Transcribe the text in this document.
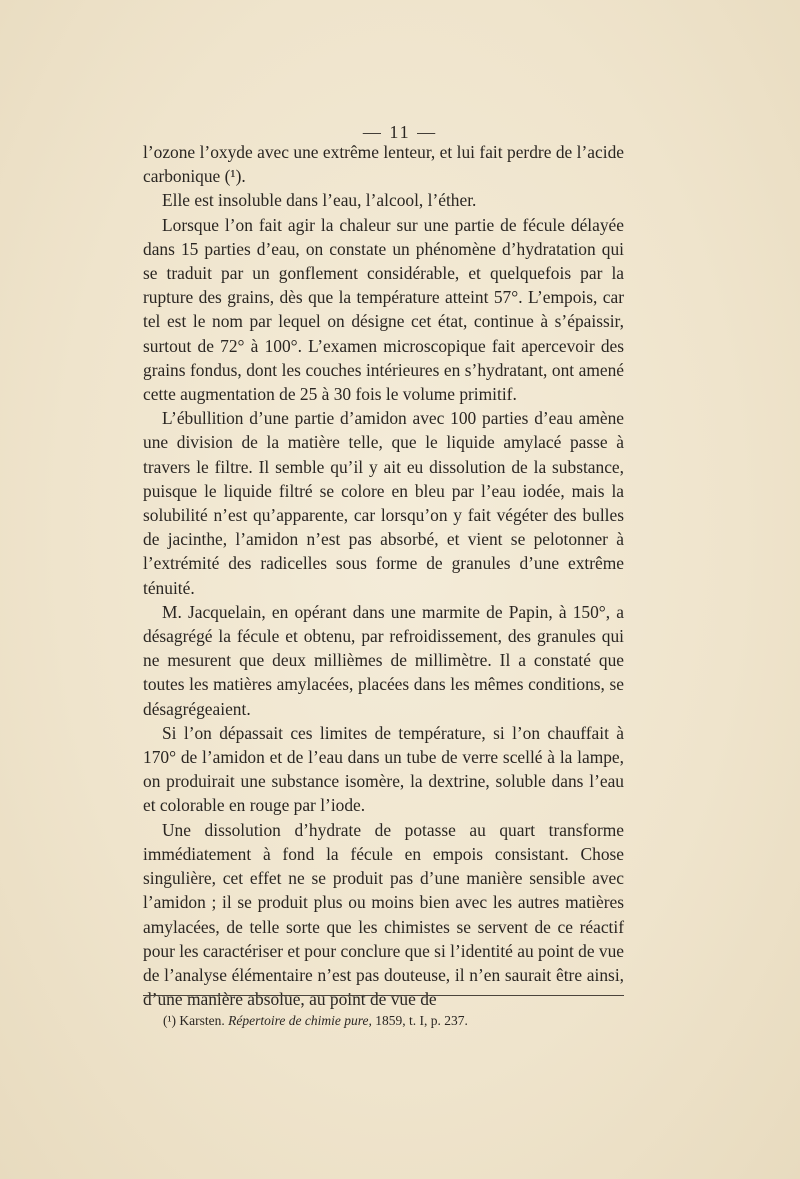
— 11 —

l’ozone l’oxyde avec une extrême lenteur, et lui fait perdre de l’acide carbonique (¹).

Elle est insoluble dans l’eau, l’alcool, l’éther.

Lorsque l’on fait agir la chaleur sur une partie de fécule délayée dans 15 parties d’eau, on constate un phénomène d’hydratation qui se traduit par un gonflement considérable, et quelquefois par la rupture des grains, dès que la température atteint 57°. L’empois, car tel est le nom par lequel on désigne cet état, continue à s’épaissir, surtout de 72° à 100°. L’examen microscopique fait apercevoir des grains fondus, dont les couches intérieures en s’hydratant, ont amené cette augmentation de 25 à 30 fois le volume primitif.

L’ébullition d’une partie d’amidon avec 100 parties d’eau amène une division de la matière telle, que le liquide amylacé passe à travers le filtre. Il semble qu’il y ait eu dissolution de la substance, puisque le liquide filtré se colore en bleu par l’eau iodée, mais la solubilité n’est qu’apparente, car lorsqu’on y fait végéter des bulles de jacinthe, l’amidon n’est pas absorbé, et vient se pelotonner à l’extrémité des radicelles sous forme de granules d’une extrême ténuité.

M. Jacquelain, en opérant dans une marmite de Papin, à 150°, a désagrégé la fécule et obtenu, par refroidissement, des granules qui ne mesurent que deux millièmes de millimètre. Il a constaté que toutes les matières amylacées, placées dans les mêmes conditions, se désagrégeaient.

Si l’on dépassait ces limites de température, si l’on chauffait à 170° de l’amidon et de l’eau dans un tube de verre scellé à la lampe, on produirait une substance isomère, la dextrine, soluble dans l’eau et colorable en rouge par l’iode.

Une dissolution d’hydrate de potasse au quart transforme immédiatement à fond la fécule en empois consistant. Chose singulière, cet effet ne se produit pas d’une manière sensible avec l’amidon ; il se produit plus ou moins bien avec les autres matières amylacées, de telle sorte que les chimistes se servent de ce réactif pour les caractériser et pour conclure que si l’identité au point de vue de l’analyse élémentaire n’est pas douteuse, il n’en saurait être ainsi, d’une manière absolue, au point de vue de

(¹) Karsten. Répertoire de chimie pure, 1859, t. I, p. 237.
